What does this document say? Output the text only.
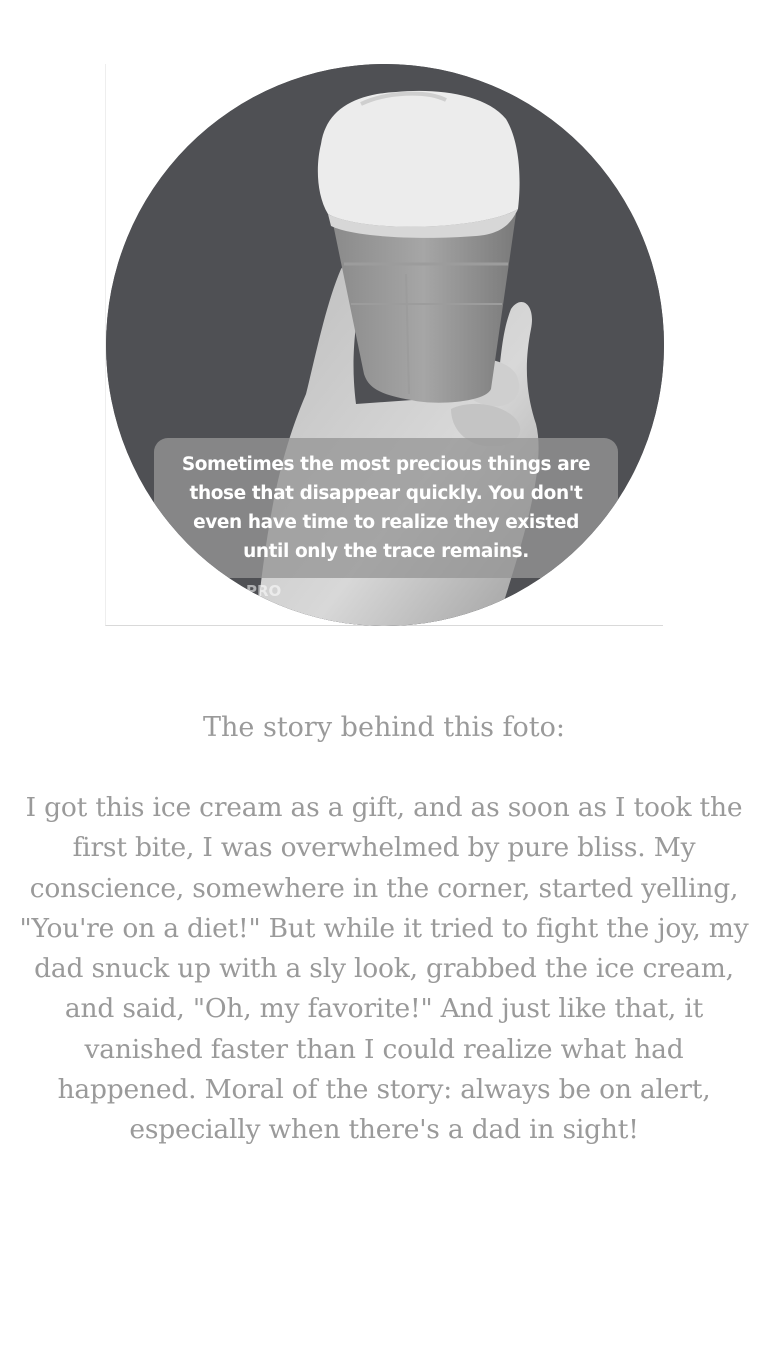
Sometimes the most precious things are those that disappear quickly. You don't even have time to realize they existed until only the trace remains.
PRO
The story behind this foto:
I got this ice cream as a gift, and as soon as I took the first bite, I was overwhelmed by pure bliss. My conscience, somewhere in the corner, started yelling, "You're on a diet!" But while it tried to fight the joy, my dad snuck up with a sly look, grabbed the ice cream, and said, "Oh, my favorite!" And just like that, it vanished faster than I could realize what had happened. Moral of the story: always be on alert, especially when there's a dad in sight!
